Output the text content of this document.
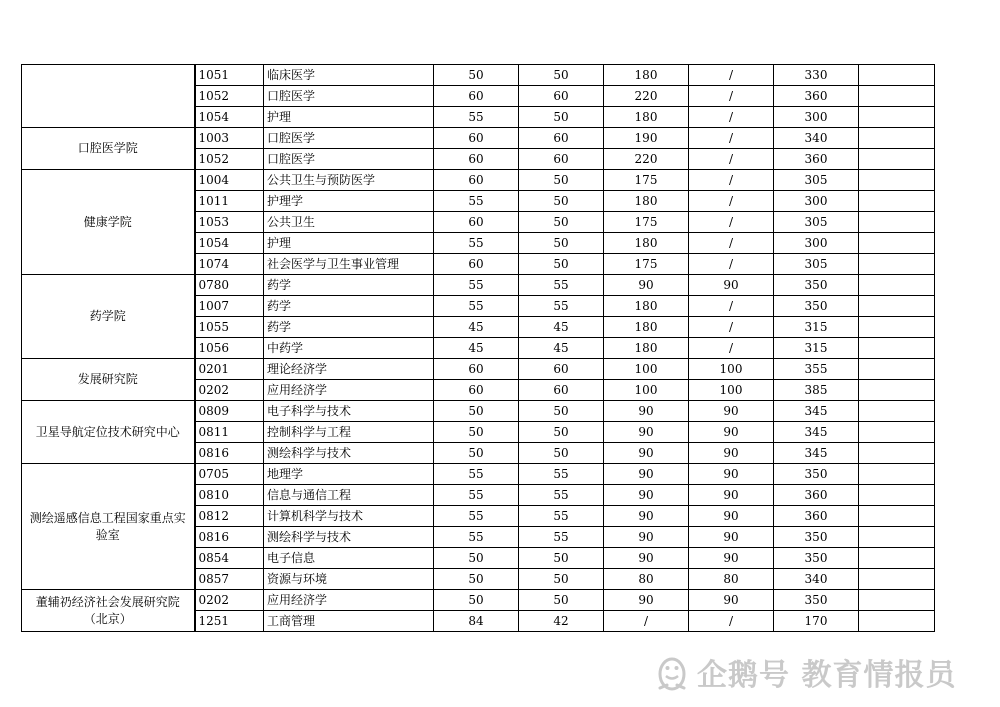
	1051	临床医学	50	50	180	/	330	
	1052	口腔医学	60	60	220	/	360	
	1054	护理	55	50	180	/	300	
口腔医学院	1003	口腔医学	60	60	190	/	340	
	1052	口腔医学	60	60	220	/	360	
健康学院	1004	公共卫生与预防医学	60	50	175	/	305	
	1011	护理学	55	50	180	/	300	
	1053	公共卫生	60	50	175	/	305	
	1054	护理	55	50	180	/	300	
	1074	社会医学与卫生事业管理	60	50	175	/	305	
药学院	0780	药学	55	55	90	90	350	
	1007	药学	55	55	180	/	350	
	1055	药学	45	45	180	/	315	
	1056	中药学	45	45	180	/	315	
发展研究院	0201	理论经济学	60	60	100	100	355	
	0202	应用经济学	60	60	100	100	385	
卫星导航定位技术研究中心	0809	电子科学与技术	50	50	90	90	345	
	0811	控制科学与工程	50	50	90	90	345	
	0816	测绘科学与技术	50	50	90	90	345	
测绘遥感信息工程国家重点实验室	0705	地理学	55	55	90	90	350	
	0810	信息与通信工程	55	55	90	90	360	
	0812	计算机科学与技术	55	55	90	90	360	
	0816	测绘科学与技术	55	55	90	90	350	
	0854	电子信息	50	50	90	90	350	
	0857	资源与环境	50	50	80	80	340	
董辅礽经济社会发展研究院（北京）	0202	应用经济学	50	50	90	90	350	
	1251	工商管理	84	42	/	/	170	
企鹅号 教育情报员
